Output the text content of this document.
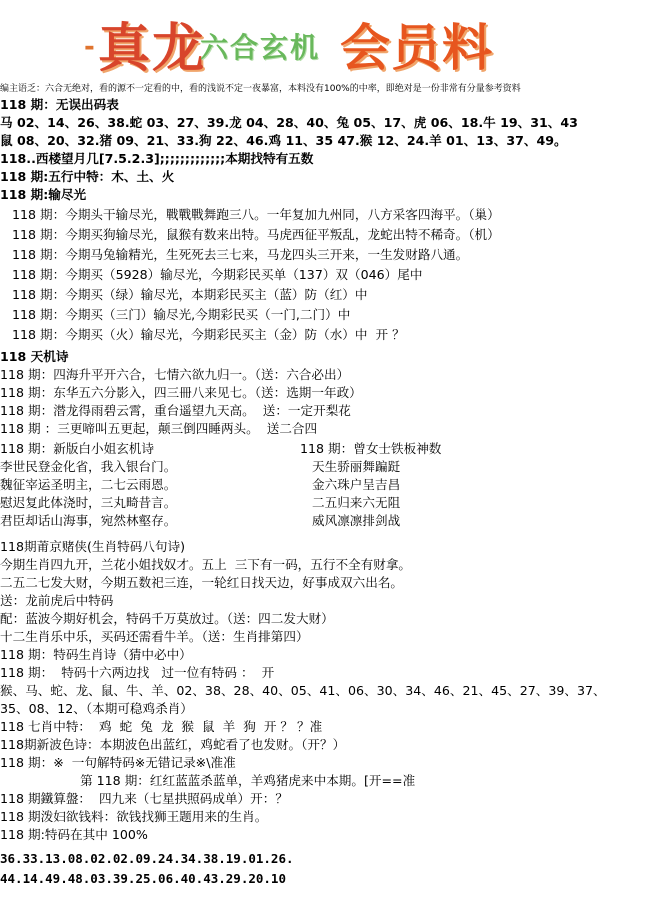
- 真龙
六合玄机 会员料
编主语乏：六合无绝对，看的源不一定看的中，看的浅说不定一夜暴富，本料没有100%的中率，即绝对是一份非常有分量参考资料
118 期：无误出码表
马 02、14、26、38.蛇 03、27、39.龙 04、28、40、兔 05、17、虎 06、18.牛 19、31、43
鼠 08、20、32.猪 09、21、33.狗 22、46.鸡 11、35 47.猴 12、24.羊 01、13、37、49。
118..西楼望月几[7.5.2.3];;;;;;;;;;;;;本期找特有五数
118 期:五行中特：木、土、火
118 期:输尽光
118 期：今期头干输尽光，戰戰戰舞跑三八。一年复加九州同，八方采客四海平。（巢）
118 期：今期买狗输尽光，鼠猴有数来出特。马虎西征平叛乱，龙蛇出特不稀奇。（机）
118 期：今期马兔输精光，生死死去三七来，马龙四头三开来，一生发财路八通。
118 期：今期买（5928）输尽光，今期彩民买单（137）双（046）尾中
118 期：今期买（绿）输尽光，本期彩民买主（蓝）防（红）中
118 期：今期买（三门）输尽光,今期彩民买（一门,二门）中
118 期：今期买（火）输尽光，今期彩民买主（金）防（水）中  开 ？
118 天机诗
118 期：四海升平开六合，七情六欲九归一。（送：六合必出）
118 期：东华五六分影入，四三冊八来见七。（送：选期一年政）
118 期：潜龙得雨碧云霄，重台遥望九天高。  送：一定开梨花
118 期 ：三更啼叫五更起，颠三倒四睡两头。  送二合四
118 期：新版白小姐玄机诗
李世民登金化省，我入银台门。
魏征宰运圣明主，二七云雨恩。
慰迟复此体浇时，三丸畸昔言。
君臣却话山海事，宛然林壑存。
118 期：曾女士铁板神数
天生骄丽舞蹁跹
金六珠户呈吉昌
二五归来六无阻
威风凛凛排剑战
118期莆京赌侠(生肖特码八句诗)
今期生肖四九开，兰花小姐找奴才。五上  三下有一码，五行不全有财拿。
二五二七发大财，今期五数祀三连，一轮红日找天边，好事成双六出名。
送：龙前虎后中特码
配：蓝波今期好机会，特码千万莫放过。（送：四二发大财）
十二生肖乐中乐，买码还需看牛羊。（送：生肖排第四）
118 期：特码生肖诗（猜中必中）
118 期：  特码十六两边找   过一位有特码 ：  开
猴、马、蛇、龙、鼠、牛、羊、02、38、28、40、05、41、06、30、34、46、21、45、27、39、37、
35、08、12、（本期可稳鸡杀肖）
118 七肖中特：  鸡  蛇  兔  龙  猴  鼠  羊  狗  开 ？ ？准
118期新波色诗：本期波色出蓝红，鸡蛇看了也发财。（开？）
118 期：※  一句解特码※无错记录※\准准
第 118 期：红红蓝蓝杀蓝单，羊鸡猪虎来中本期。[开==准
118 期鐵算盤：  四九来（七星拱照码成单）开：？
118 期泼妇欲钱料：欲钱找狮王题用来的生肖。
118 期:特码在其中 100%
36.33.13.08.02.02.09.24.34.38.19.01.26.
44.14.49.48.03.39.25.06.40.43.29.20.10
